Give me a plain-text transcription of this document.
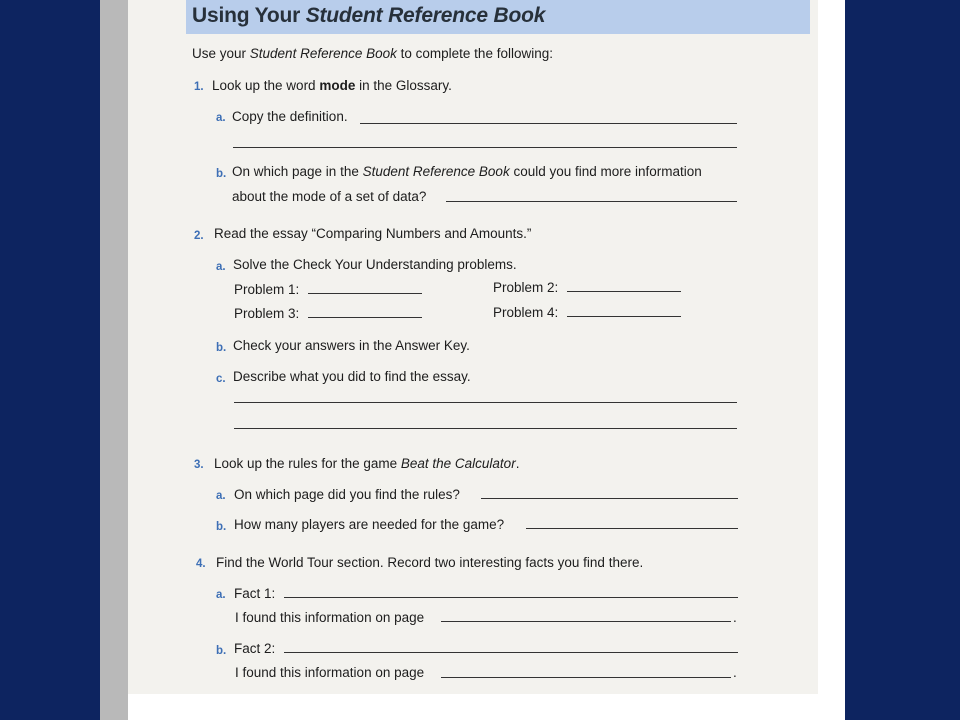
Using Your Student Reference Book
Use your Student Reference Book to complete the following:
1. Look up the word mode in the Glossary.
a. Copy the definition.
b. On which page in the Student Reference Book could you find more information
about the mode of a set of data?
2. Read the essay “Comparing Numbers and Amounts.”
a. Solve the Check Your Understanding problems.
Problem 1:	Problem 2:
Problem 3:	Problem 4:
b. Check your answers in the Answer Key.
c. Describe what you did to find the essay.
3. Look up the rules for the game Beat the Calculator.
a. On which page did you find the rules?
b. How many players are needed for the game?
4. Find the World Tour section. Record two interesting facts you find there.
a. Fact 1:
I found this information on page	.
b. Fact 2:
I found this information on page	.
